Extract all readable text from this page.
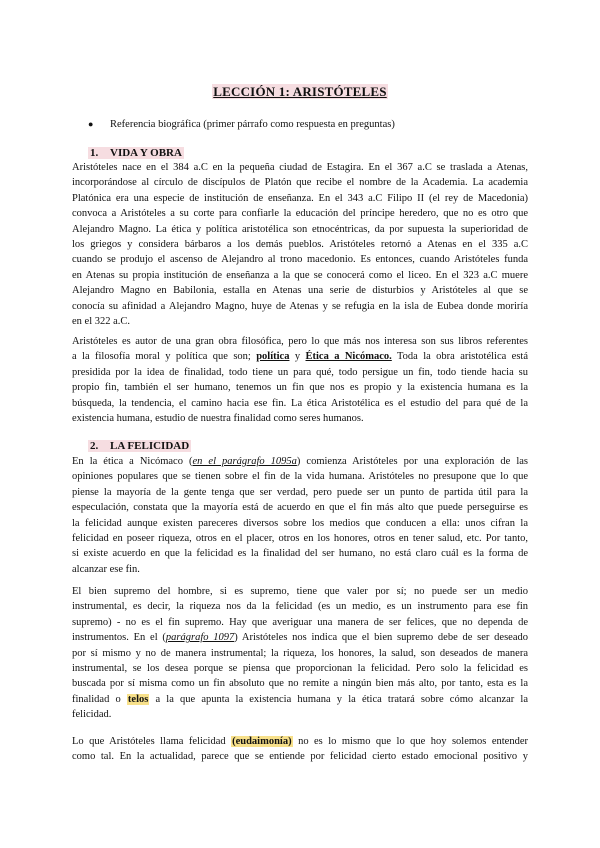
LECCIÓN 1: ARISTÓTELES
● Referencia biográfica (primer párrafo como respuesta en preguntas)
1. VIDA Y OBRA
Aristóteles nace en el 384 a.C en la pequeña ciudad de Estagira. En el 367 a.C se traslada a Atenas,
incorporándose al círculo de discípulos de Platón que recibe el nombre de la Academia. La academia
Platónica era una especie de institución de enseñanza. En el 343 a.C Filipo II (el rey de Macedonia)
convoca a Aristóteles a su corte para confiarle la educación del príncipe heredero, que no es otro que
Alejandro Magno. La ética y política aristotélica son etnocéntricas, da por supuesta la superioridad de
los griegos y considera bárbaros a los demás pueblos. Aristóteles retornó a Atenas en el 335 a.C
cuando se produjo el ascenso de Alejandro al trono macedonio. Es entonces, cuando Aristóteles funda
en Atenas su propia institución de enseñanza a la que se conocerá como el liceo. En el 323 a.C muere
Alejandro Magno en Babilonia, estalla en Atenas una serie de disturbios y Aristóteles al que se
conocía su afinidad a Alejandro Magno, huye de Atenas y se refugia en la isla de Eubea donde moriría
en el 322 a.C.
Aristóteles es autor de una gran obra filosófica, pero lo que más nos interesa son sus libros referentes
a la filosofía moral y política que son; política y Ética a Nicómaco. Toda la obra aristotélica está
presidida por la idea de finalidad, todo tiene un para qué, todo persigue un fin, todo tiende hacia su
propio fin, también el ser humano, tenemos un fin que nos es propio y la existencia humana es la
búsqueda, la tendencia, el camino hacia ese fin. La ética Aristotélica es el estudio del para qué de la
existencia humana, estudio de nuestra finalidad como seres humanos.
2. LA FELICIDAD
En la ética a Nicómaco (en el parágrafo 1095a) comienza Aristóteles por una exploración de las
opiniones populares que se tienen sobre el fin de la vida humana. Aristóteles no presupone que lo que
piense la mayoría de la gente tenga que ser verdad, pero puede ser un punto de partida útil para la
especulación, constata que la mayoría está de acuerdo en que el fin más alto que puede perseguirse es
la felicidad aunque existen pareceres diversos sobre los medios que conducen a ella: unos cifran la
felicidad en poseer riqueza, otros en el placer, otros en los honores, otros en tener salud, etc. Por tanto,
si existe acuerdo en que la felicidad es la finalidad del ser humano, no está claro cuál es la forma de
alcanzar ese fin.
El bien supremo del hombre, si es supremo, tiene que valer por sí; no puede ser un medio
instrumental, es decir, la riqueza nos da la felicidad (es un medio, es un instrumento para ese fin
supremo) - no es el fin supremo. Hay que averiguar una manera de ser felices, que no dependa de
instrumentos. En el (parágrafo 1097) Aristóteles nos indica que el bien supremo debe de ser deseado
por sí mismo y no de manera instrumental; la riqueza, los honores, la salud, son deseados de manera
instrumental, se los desea porque se piensa que proporcionan la felicidad. Pero solo la felicidad es
buscada por sí misma como un fin absoluto que no remite a ningún bien más alto, por tanto, esta es la
finalidad o telos a la que apunta la existencia humana y la ética tratará sobre cómo alcanzar la
felicidad.
Lo que Aristóteles llama felicidad (eudaimonía) no es lo mismo que lo que hoy solemos entender
como tal. En la actualidad, parece que se entiende por felicidad cierto estado emocional positivo y
